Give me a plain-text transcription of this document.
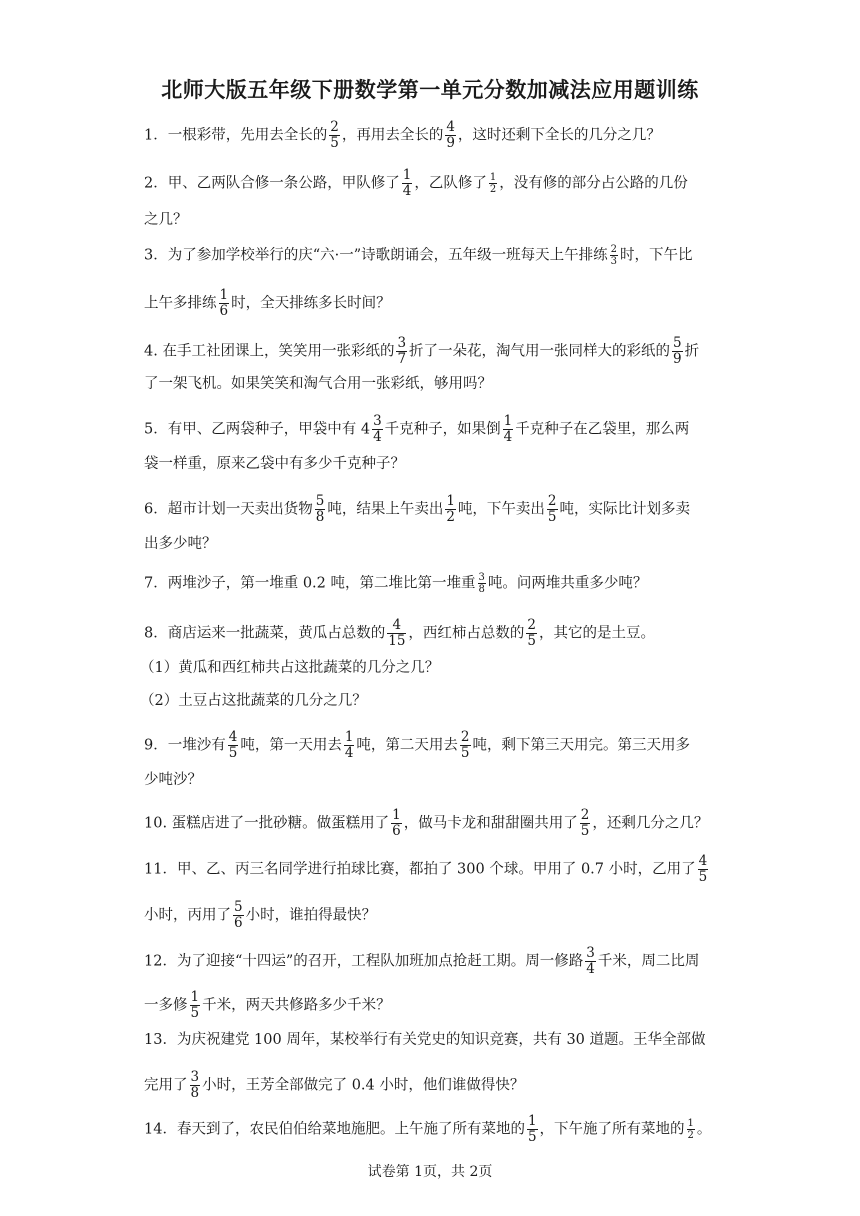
北师大版五年级下册数学第一单元分数加减法应用题训练
1．一根彩带，先用去全长的 $\frac{2}{5}$ ，再用去全长的 $\frac{4}{9}$ ，这时还剩下全长的几分之几？
2．甲、乙两队合修一条公路，甲队修了 $\frac{1}{4}$ ，乙队修了 $\frac{1}{2}$ ，没有修的部分占公路的几份
之几？
3．为了参加学校举行的庆“六·一”诗歌朗诵会，五年级一班每天上午排练 $\frac{2}{3}$ 时，下午比
上午多排练 $\frac{1}{6}$ 时，全天排练多长时间？
4. 在手工社团课上，笑笑用一张彩纸的 $\frac{3}{7}$ 折了一朵花，淘气用一张同样大的彩纸的 $\frac{5}{9}$ 折
了一架飞机。如果笑笑和淘气合用一张彩纸，够用吗？
5．有甲、乙两袋种子，甲袋中有 $4 \frac{3}{4}$ 千克种子，如果倒 $\frac{1}{4}$ 千克种子在乙袋里，那么两
袋一样重，原来乙袋中有多少千克种子？
6．超市计划一天卖出货物 $\frac{5}{8}$ 吨，结果上午卖出 $\frac{1}{2}$ 吨，下午卖出 $\frac{2}{5}$ 吨，实际比计划多卖
出多少吨？
7．两堆沙子，第一堆重 0.2 吨，第二堆比第一堆重 $\frac{3}{8}$ 吨。问两堆共重多少吨？
8．商店运来一批蔬菜，黄瓜占总数的 $\frac{4}{15}$ ，西红柿占总数的 $\frac{2}{5}$ ，其它的是土豆。
（1）黄瓜和西红柿共占这批蔬菜的几分之几？
（2）土豆占这批蔬菜的几分之几？
9．一堆沙有 $\frac{4}{5}$ 吨，第一天用去 $\frac{1}{4}$ 吨，第二天用去 $\frac{2}{5}$ 吨，剩下第三天用完。第三天用多
少吨沙？
10. 蛋糕店进了一批砂糖。做蛋糕用了 $\frac{1}{6}$ ，做马卡龙和甜甜圈共用了 $\frac{2}{5}$ ，还剩几分之几？
11．甲、乙、丙三名同学进行拍球比赛，都拍了 300 个球。甲用了 0.7 小时，乙用了 $\frac{4}{5}$
小时，丙用了 $\frac{5}{6}$ 小时，谁拍得最快？
12．为了迎接“十四运”的召开，工程队加班加点抢赶工期。周一修路 $\frac{3}{4}$ 千米，周二比周
一多修 $\frac{1}{5}$ 千米，两天共修路多少千米？
13．为庆祝建党 100 周年，某校举行有关党史的知识竞赛，共有 30 道题。王华全部做
完用了 $\frac{3}{8}$ 小时，王芳全部做完了 0.4 小时，他们谁做得快？
14．春天到了，农民伯伯给菜地施肥。上午施了所有菜地的 $\frac{1}{5}$ ，下午施了所有菜地的 $\frac{1}{2}$ 。
试卷第 1页，共 2页
